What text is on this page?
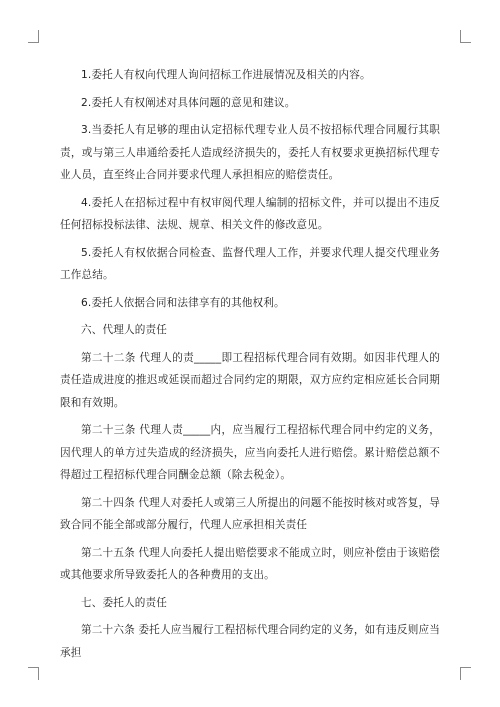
1.委托人有权向代理人询问招标工作进展情况及相关的内容。

2.委托人有权阐述对具体问题的意见和建议。

3.当委托人有足够的理由认定招标代理专业人员不按招标代理合同履行其职责，或与第三人串通给委托人造成经济损失的，委托人有权要求更换招标代理专业人员，直至终止合同并要求代理人承担相应的赔偿责任。

4.委托人在招标过程中有权审阅代理人编制的招标文件，并可以提出不违反任何招标投标法律、法规、规章、相关文件的修改意见。

5.委托人有权依据合同检查、监督代理人工作，并要求代理人提交代理业务工作总结。

6.委托人依据合同和法律享有的其他权利。

六、代理人的责任

第二十二条 代理人的责_____即工程招标代理合同有效期。如因非代理人的责任造成进度的推迟或延误而超过合同约定的期限，双方应约定相应延长合同期限和有效期。

第二十三条 代理人责_____内，应当履行工程招标代理合同中约定的义务，因代理人的单方过失造成的经济损失，应当向委托人进行赔偿。累计赔偿总额不得超过工程招标代理合同酬金总额（除去税金）。

第二十四条 代理人对委托人或第三人所提出的问题不能按时核对或答复，导致合同不能全部或部分履行，代理人应承担相关责任

第二十五条 代理人向委托人提出赔偿要求不能成立时，则应补偿由于该赔偿或其他要求所导致委托人的各种费用的支出。

七、委托人的责任

第二十六条 委托人应当履行工程招标代理合同约定的义务，如有违反则应当承担
